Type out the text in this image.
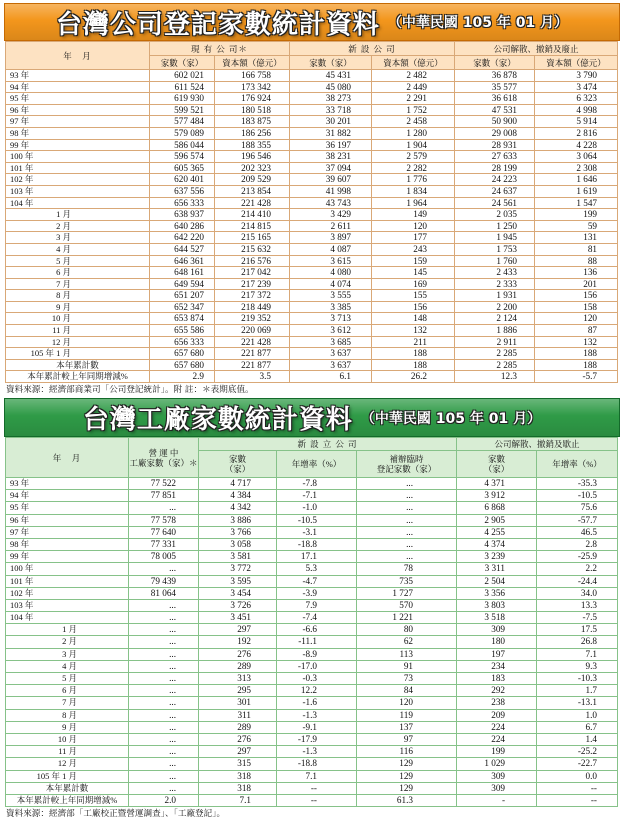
台灣公司登記家數統計資料 （中華民國 105 年 01 月）
年　月
現 有 公 司＊	新 設 公 司	公司解散、撤銷及廢止
家數（家）	資本額（億元）	家數（家）	資本額（億元）	家數（家）	資本額（億元）
93 年	602 021	166 758	45 431	2 482	36 878	3 790
94 年	611 524	173 342	45 080	2 449	35 577	3 474
95 年	619 930	176 924	38 273	2 291	36 618	6 323
96 年	599 521	180 518	33 718	1 752	47 531	4 998
97 年	577 484	183 875	30 201	2 458	50 900	5 914
98 年	579 089	186 256	31 882	1 280	29 008	2 816
99 年	586 044	188 355	36 197	1 904	28 931	4 228
100 年	596 574	196 546	38 231	2 579	27 633	3 064
101 年	605 365	202 323	37 094	2 282	28 199	2 308
102 年	620 401	209 529	39 607	1 776	24 223	1 646
103 年	637 556	213 854	41 998	1 834	24 637	1 619
104 年	656 333	221 428	43 743	1 964	24 561	1 547
1 月	638 937	214 410	3 429	149	2 035	199
2 月	640 286	214 815	2 611	120	1 250	59
3 月	642 220	215 165	3 897	177	1 945	131
4 月	644 527	215 632	4 087	243	1 753	81
5 月	646 361	216 576	3 615	159	1 760	88
6 月	648 161	217 042	4 080	145	2 433	136
7 月	649 594	217 239	4 074	169	2 333	201
8 月	651 207	217 372	3 555	155	1 931	156
9 月	652 347	218 449	3 385	156	2 200	158
10 月	653 874	219 352	3 713	148	2 124	120
11 月	655 586	220 069	3 612	132	1 886	87
12 月	656 333	221 428	3 685	211	2 911	132
105 年 1 月	657 680	221 877	3 637	188	2 285	188
本年累計數	657 680	221 877	3 637	188	2 285	188
本年累計較上年同期增減%	2.9	3.5	6.1	26.2	12.3	-5.7
資料來源：經濟部商業司「公司登記統計」。附 註：＊表期底值。
台灣工廠家數統計資料 （中華民國 105 年 01 月）
年　月	營 運 中
工廠家數（家）＊
新 設 立 公 司	公司解散、撤銷及歇止
家數
（家）	年增率（%）	補辦臨時
登記家數（家）
家數
（家）	年增率（%）
93 年	77 522	4 717	-7.8	...	4 371	-35.3
94 年	77 851	4 384	-7.1	...	3 912	-10.5
95 年	...	4 342	-1.0	...	6 868	75.6
96 年	77 578	3 886	-10.5	...	2 905	-57.7
97 年	77 640	3 766	-3.1	...	4 255	46.5
98 年	77 331	3 058	-18.8	...	4 374	2.8
99 年	78 005	3 581	17.1	...	3 239	-25.9
100 年	...	3 772	5.3	78	3 311	2.2
101 年	79 439	3 595	-4.7	735	2 504	-24.4
102 年	81 064	3 454	-3.9	1 727	3 356	34.0
103 年	...	3 726	7.9	570	3 803	13.3
104 年	...	3 451	-7.4	1 221	3 518	-7.5
1 月	...	297	-6.6	80	309	17.5
2 月	...	192	-11.1	62	180	26.8
3 月	...	276	-8.9	113	197	7.1
4 月	...	289	-17.0	91	234	9.3
5 月	...	313	-0.3	73	183	-10.3
6 月	...	295	12.2	84	292	1.7
7 月	...	301	-1.6	120	238	-13.1
8 月	...	311	-1.3	119	209	1.0
9 月	...	289	-9.1	137	224	6.7
10 月	...	276	-17.9	97	224	1.4
11 月	...	297	-1.3	116	199	-25.2
12 月	...	315	-18.8	129	1 029	-22.7
105 年 1 月	...	318	7.1	129	309	0.0
本年累計數	...	318	--	129	309	--
本年累計較上年同期增減%	2.0	7.1	--	61.3	-	--
資料來源：經濟部「工廠校正暨營運調查」、「工廠登記」。
